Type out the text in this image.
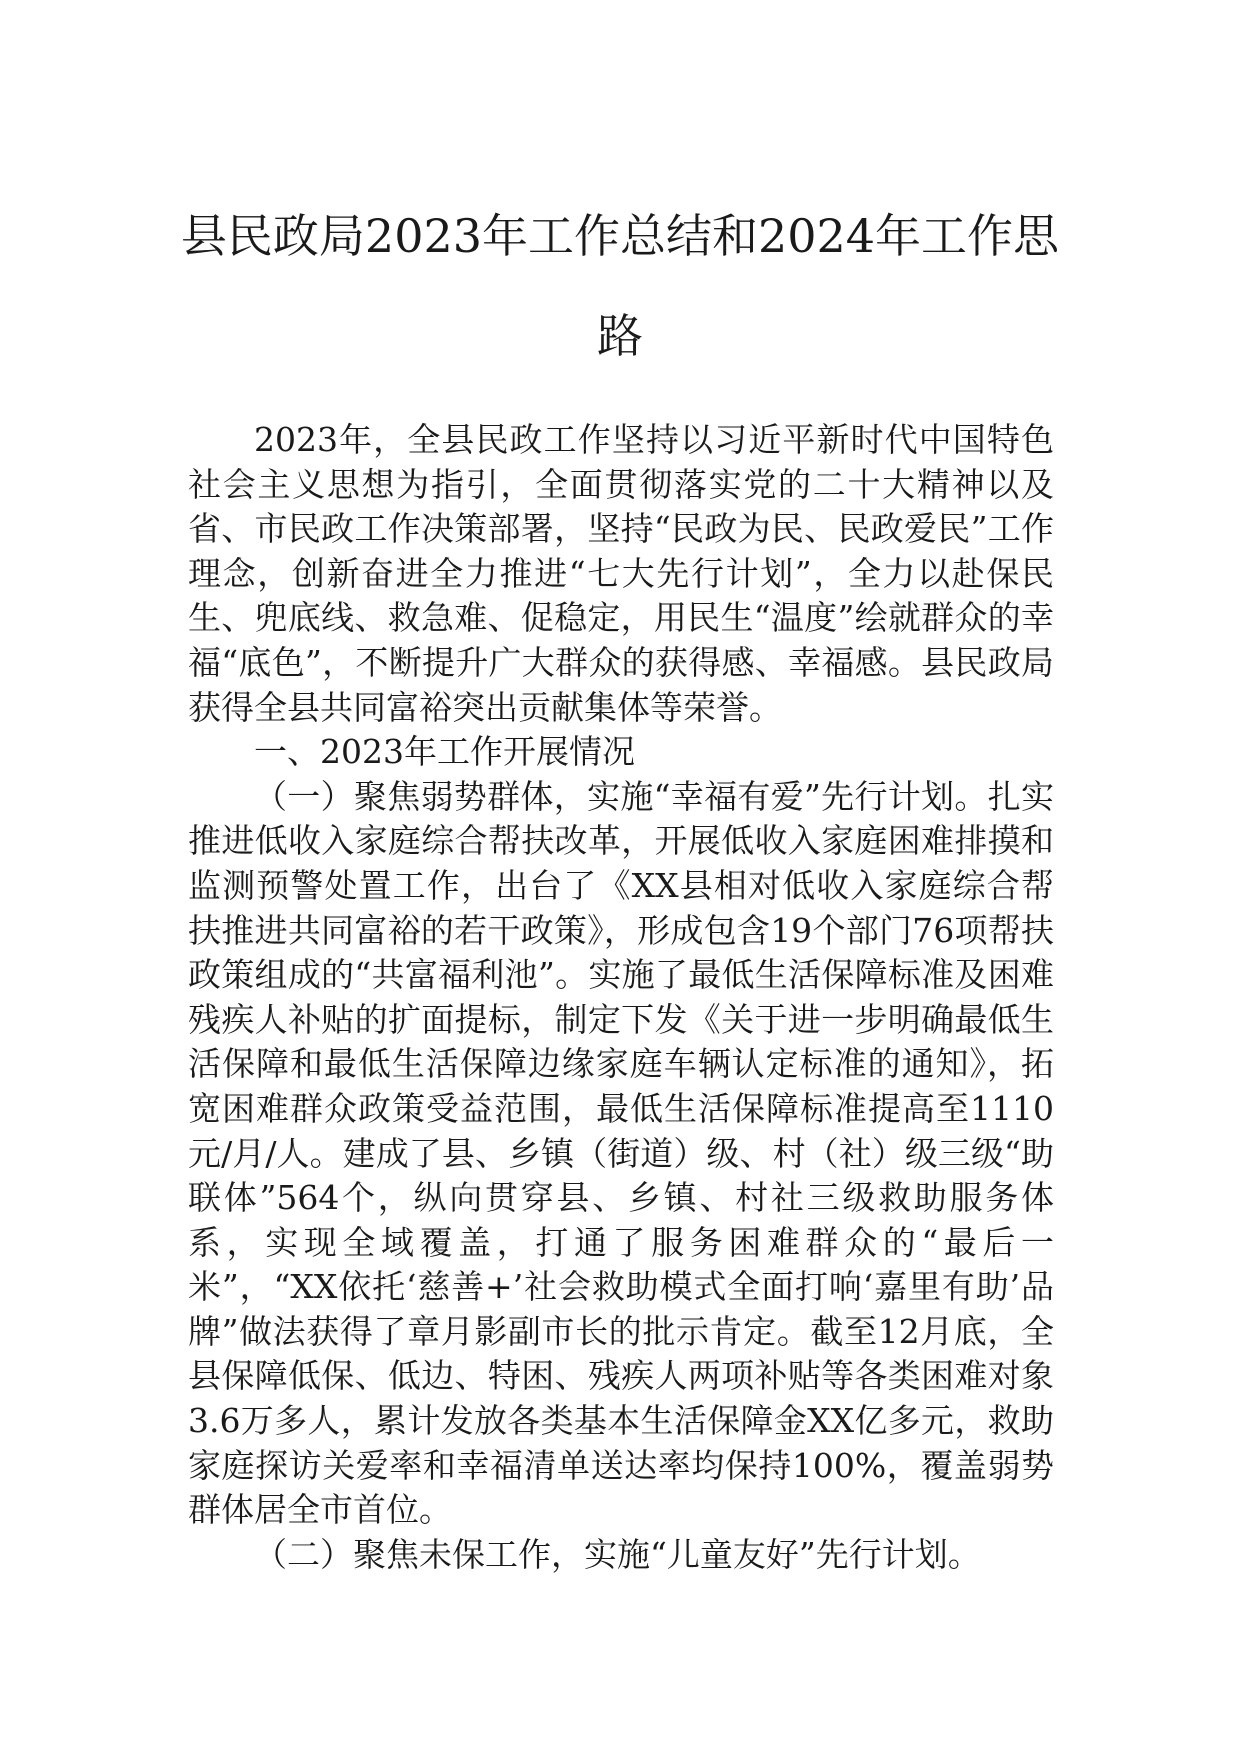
县民政局2023年工作总结和2024年工作思路

2023年，全县民政工作坚持以习近平新时代中国特色社会主义思想为指引，全面贯彻落实党的二十大精神以及省、市民政工作决策部署，坚持“民政为民、民政爱民”工作理念，创新奋进全力推进“七大先行计划”，全力以赴保民生、兜底线、救急难、促稳定，用民生“温度”绘就群众的幸福“底色”，不断提升广大群众的获得感、幸福感。县民政局获得全县共同富裕突出贡献集体等荣誉。

一、2023年工作开展情况

（一）聚焦弱势群体，实施“幸福有爱”先行计划。扎实推进低收入家庭综合帮扶改革，开展低收入家庭困难排摸和监测预警处置工作，出台了《XX县相对低收入家庭综合帮扶推进共同富裕的若干政策》，形成包含19个部门76项帮扶政策组成的“共富福利池”。实施了最低生活保障标准及困难残疾人补贴的扩面提标，制定下发《关于进一步明确最低生活保障和最低生活保障边缘家庭车辆认定标准的通知》，拓宽困难群众政策受益范围，最低生活保障标准提高至1110元/月/人。建成了县、乡镇（街道）级、村（社）级三级“助联体”564个，纵向贯穿县、乡镇、村社三级救助服务体系，实现全域覆盖，打通了服务困难群众的“最后一米”，“XX依托‘慈善+’社会救助模式全面打响‘嘉里有助’品牌”做法获得了章月影副市长的批示肯定。截至12月底，全县保障低保、低边、特困、残疾人两项补贴等各类困难对象3.6万多人，累计发放各类基本生活保障金XX亿多元，救助家庭探访关爱率和幸福清单送达率均保持100%，覆盖弱势群体居全市首位。

（二）聚焦未保工作，实施“儿童友好”先行计划。
